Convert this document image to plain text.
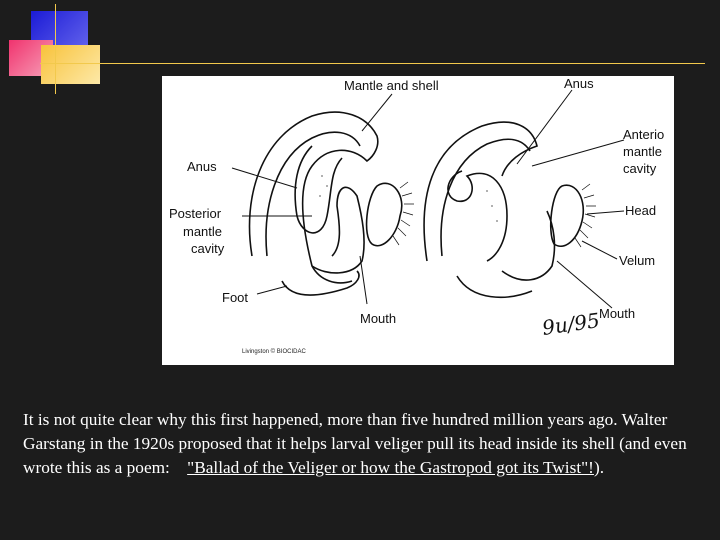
Mantle and shell	Anus
Anterio
mantle
cavity
Anus
Posterior
mantle
cavity
Head
Velum
Foot
Mouth	Mouth
9u/95
Livingston © BIOCIDAC
It is not quite clear why this first happened, more than five hundred million years ago. Walter Garstang in the 1920s proposed that it helps larval veliger pull its head inside its shell (and even wrote this as a poem: "Ballad of the Veliger or how the Gastropod got its Twist"!).
